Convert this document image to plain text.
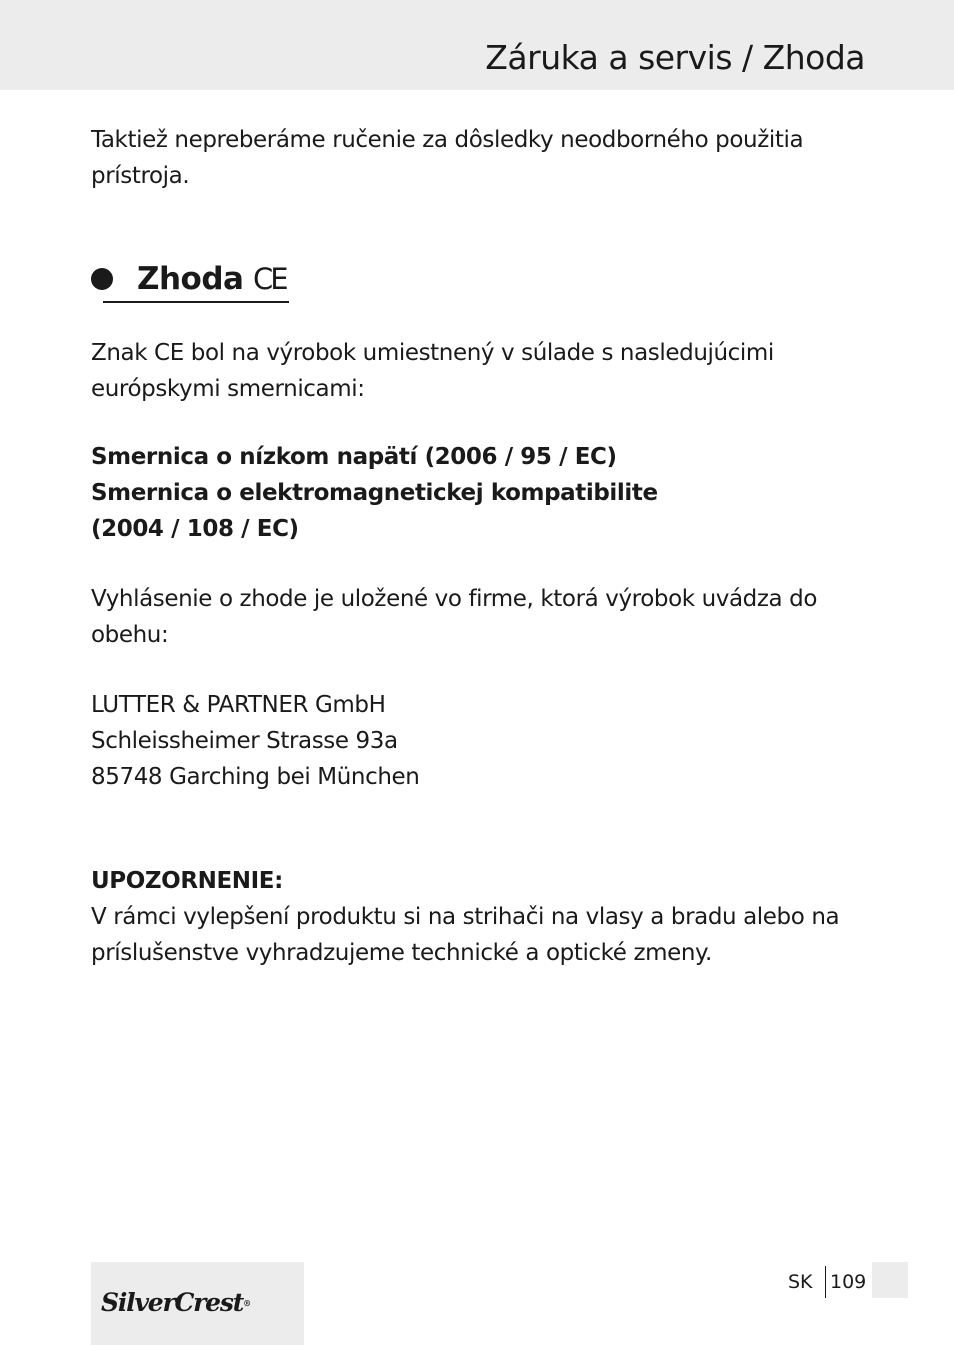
Záruka a servis / Zhoda
Taktiež nepreberáme ručenie za dôsledky neodborného použitia
prístroja.
Zhoda CE
Znak CE bol na výrobok umiestnený v súlade s nasledujúcimi
európskymi smernicami:
Smernica o nízkom napätí (2006 / 95 / EC)
Smernica o elektromagnetickej kompatibilite
(2004 / 108 / EC)
Vyhlásenie o zhode je uložené vo firme, ktorá výrobok uvádza do
obehu:
LUTTER & PARTNER GmbH
Schleissheimer Strasse 93a
85748 Garching bei München
UPOZORNENIE:
V rámci vylepšení produktu si na strihači na vlasy a bradu alebo na
príslušenstve vyhradzujeme technické a optické zmeny.
SilverCrest®
SK 109
